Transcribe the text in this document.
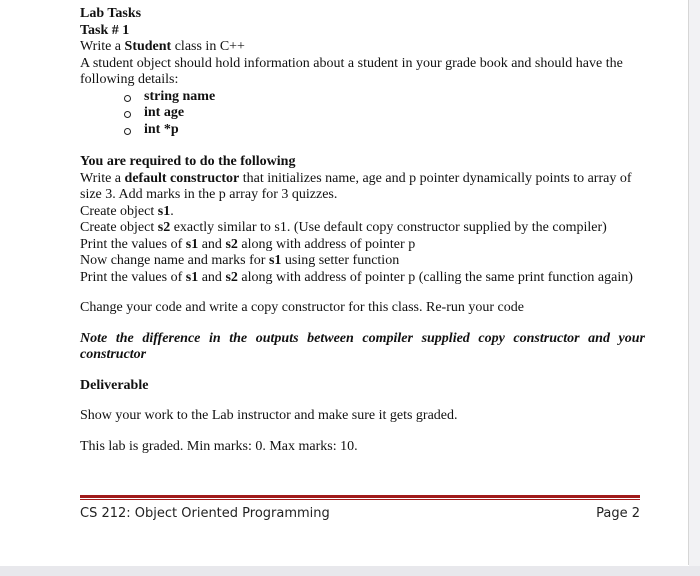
Lab Tasks
Task # 1
Write a Student class in C++
A student object should hold information about a student in your grade book and should have the following details:
string name
int age
int *p
You are required to do the following
Write a default constructor that initializes name, age and p pointer dynamically points to array of size 3. Add marks in the p array for 3 quizzes.
Create object s1.
Create object s2 exactly similar to s1. (Use default copy constructor supplied by the compiler)
Print the values of s1 and s2 along with address of pointer p
Now change name and marks for s1 using setter function
Print the values of s1 and s2 along with address of pointer p (calling the same print function again)
Change your code and write a copy constructor for this class. Re-run your code
Note the difference in the outputs between compiler supplied copy constructor and your constructor
Deliverable
Show your work to the Lab instructor and make sure it gets graded.
This lab is graded. Min marks: 0. Max marks: 10.
CS 212: Object Oriented Programming	Page 2
